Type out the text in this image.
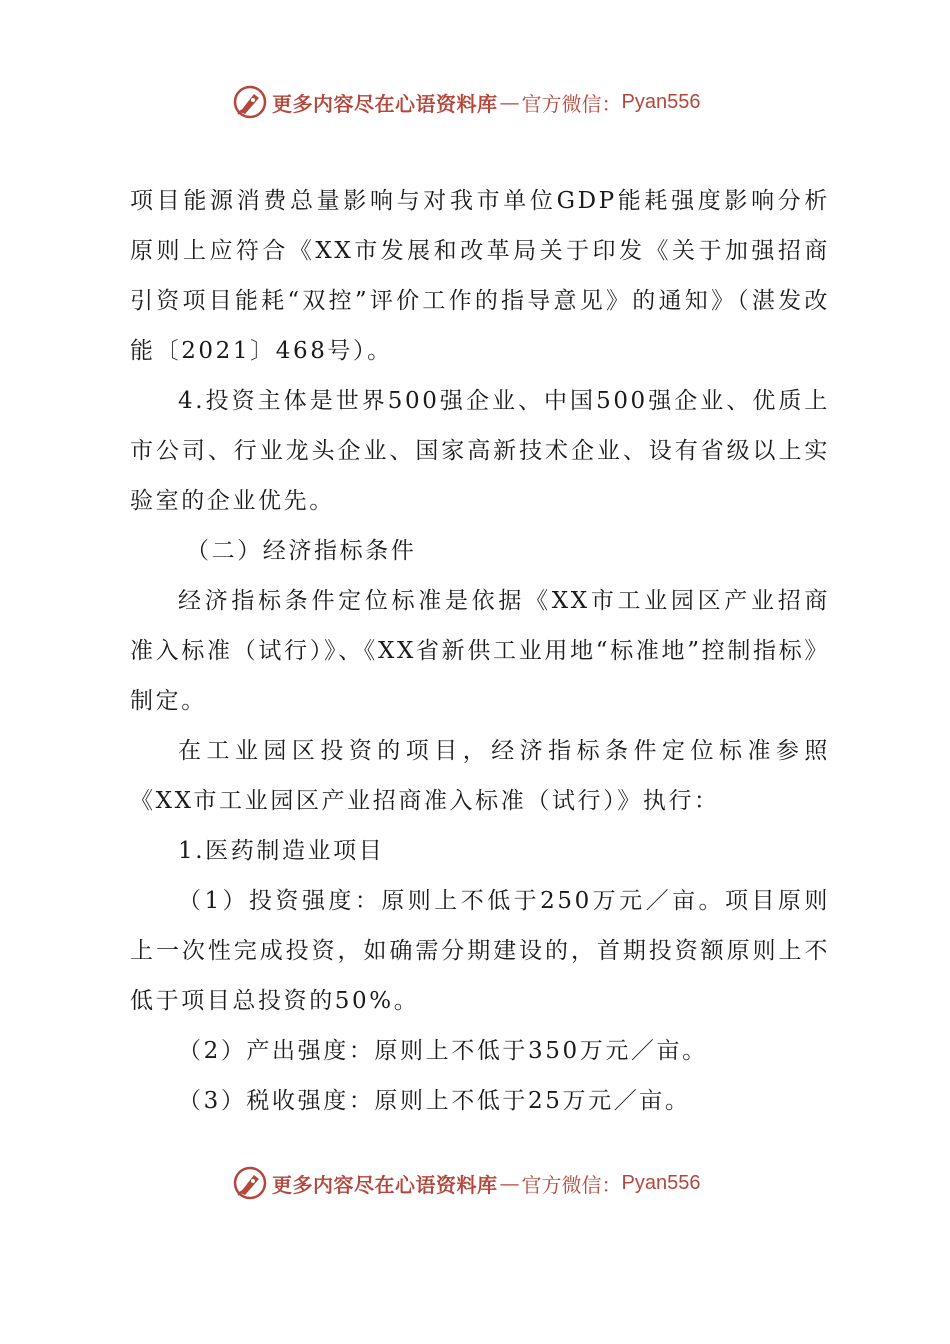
更多内容尽在心语资料库 — 官方微信： Pyan556

项目能源消费总量影响与对我市单位GDP能耗强度影响分析原则上应符合《XX市发展和改革局关于印发《关于加强招商引资项目能耗“双控”评价工作的指导意见》的通知》（湛发改能〔2021〕468号）。

4.投资主体是世界500强企业、中国500强企业、优质上市公司、行业龙头企业、国家高新技术企业、设有省级以上实验室的企业优先。

（二）经济指标条件

经济指标条件定位标准是依据《XX市工业园区产业招商准入标准（试行）》、《XX省新供工业用地“标准地”控制指标》制定。

在工业园区投资的项目，经济指标条件定位标准参照《XX市工业园区产业招商准入标准（试行）》执行：

1.医药制造业项目

（1）投资强度：原则上不低于250万元／亩。项目原则上一次性完成投资，如确需分期建设的，首期投资额原则上不低于项目总投资的50%。

（2）产出强度：原则上不低于350万元／亩。

（3）税收强度：原则上不低于25万元／亩。

更多内容尽在心语资料库 — 官方微信： Pyan556
